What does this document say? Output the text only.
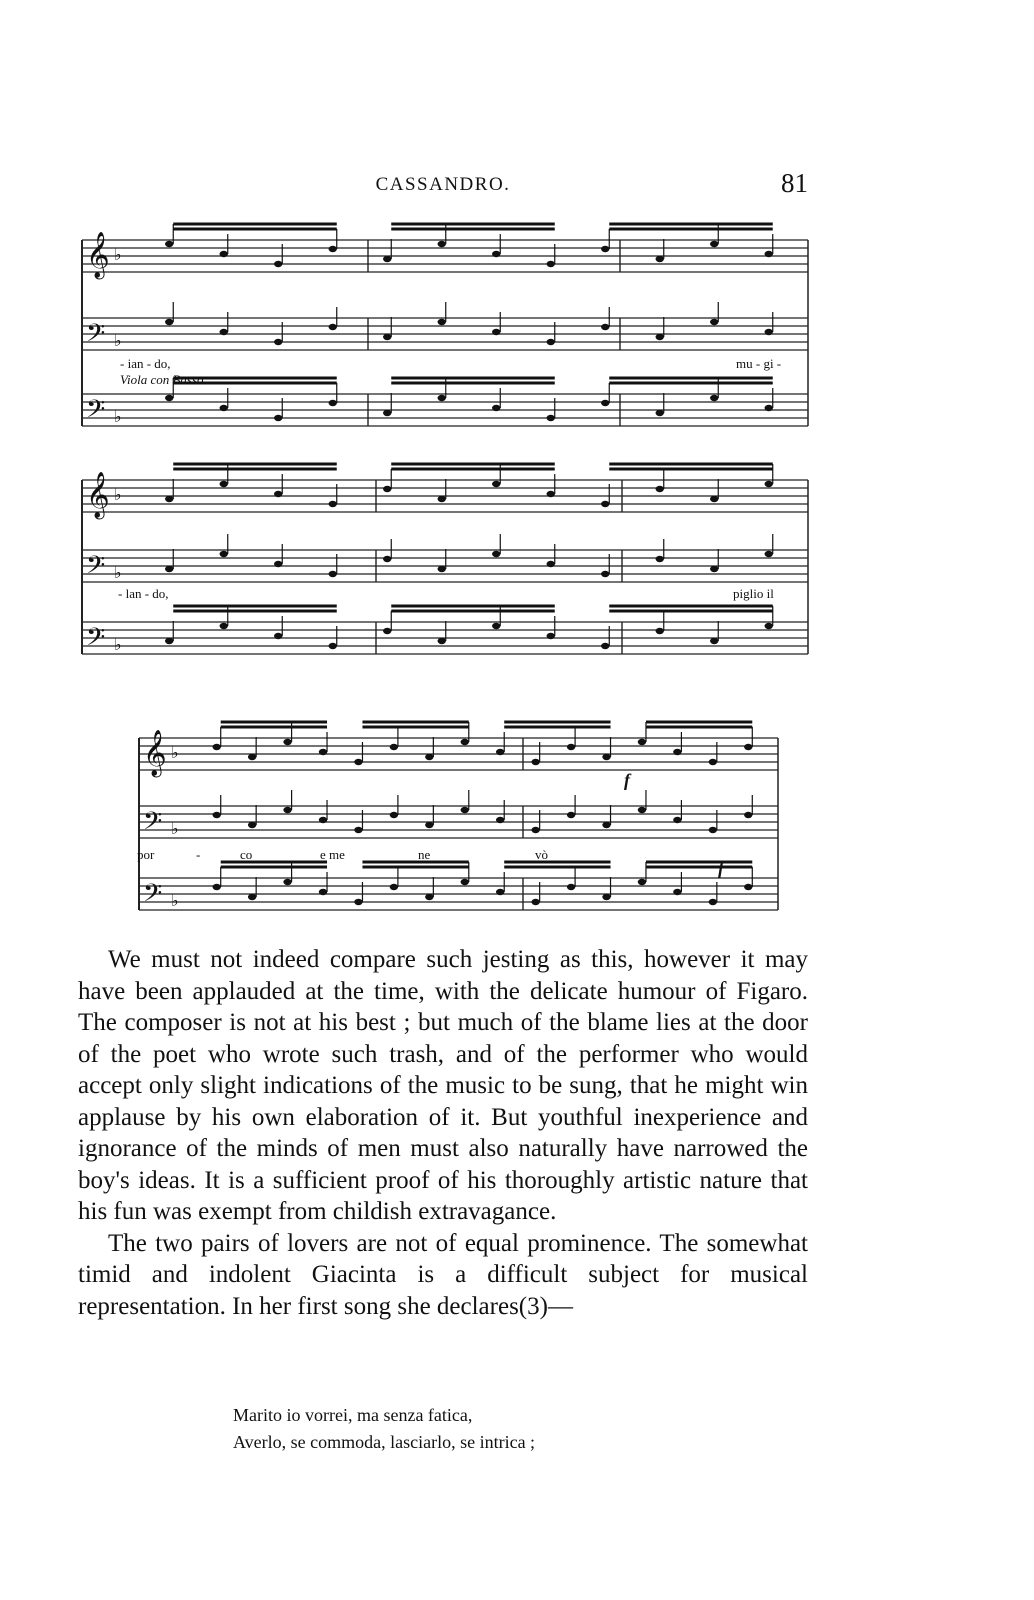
CASSANDRO.	81
𝄞 ♭
𝄢 ♭
𝄢 ♭
𝄞 ♭
𝄢 ♭
𝄢 ♭
𝄞 ♭
𝄢 ♭
𝄢 ♭
- ian - do,	mu - gi -
Viola con Basso.
- lan - do,	piglio il
por	-	co	e me	ne	vò
f
f

We must not indeed compare such jesting as this, however it may have been applauded at the time, with the delicate humour of Figaro. The composer is not at his best ; but much of the blame lies at the door of the poet who wrote such trash, and of the performer who would accept only slight indications of the music to be sung, that he might win applause by his own elaboration of it. But youthful inexperience and ignorance of the minds of men must also naturally have narrowed the boy's ideas. It is a sufficient proof of his thoroughly artistic nature that his fun was exempt from childish extravagance.

The two pairs of lovers are not of equal prominence. The somewhat timid and indolent Giacinta is a difficult subject for musical representation. In her first song she declares(3)—

Marito io vorrei, ma senza fatica,
Averlo, se commoda, lasciarlo, se intrica ;
